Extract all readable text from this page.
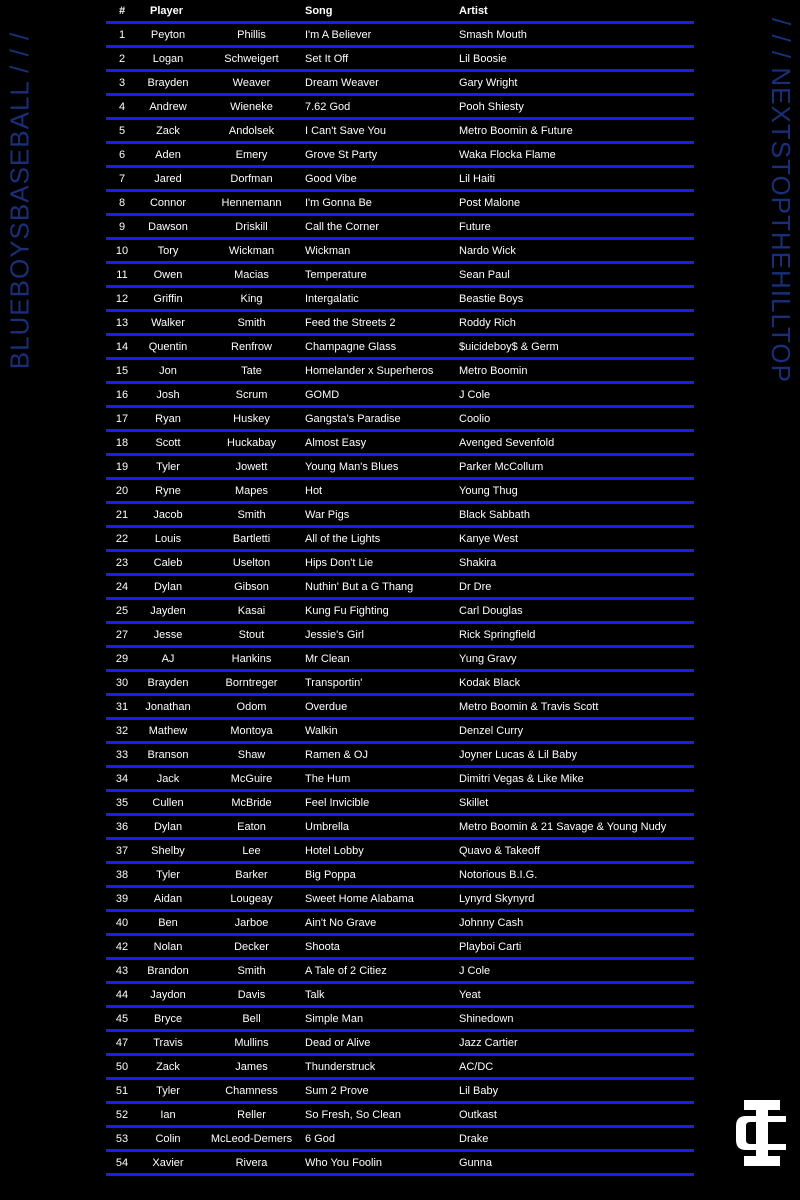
BLUEBOYSBASEBALL / / /	/ / / NEXTSTOPTHEHILLTOP
#	Player	Song	Artist
1	Peyton	Phillis	I'm A Believer	Smash Mouth
2	Logan	Schweigert	Set It Off	Lil Boosie
3	Brayden	Weaver	Dream Weaver	Gary Wright
4	Andrew	Wieneke	7.62 God	Pooh Shiesty
5	Zack	Andolsek	I Can't Save You	Metro Boomin & Future
6	Aden	Emery	Grove St Party	Waka Flocka Flame
7	Jared	Dorfman	Good Vibe	Lil Haiti
8	Connor	Hennemann	I'm Gonna Be	Post Malone
9	Dawson	Driskill	Call the Corner	Future
10	Tory	Wickman	Wickman	Nardo Wick
11	Owen	Macias	Temperature	Sean Paul
12	Griffin	King	Intergalatic	Beastie Boys
13	Walker	Smith	Feed the Streets 2	Roddy Rich
14	Quentin	Renfrow	Champagne Glass	$uicideboy$ & Germ
15	Jon	Tate	Homelander x Superheros	Metro Boomin
16	Josh	Scrum	GOMD	J Cole
17	Ryan	Huskey	Gangsta's Paradise	Coolio
18	Scott	Huckabay	Almost Easy	Avenged Sevenfold
19	Tyler	Jowett	Young Man's Blues	Parker McCollum
20	Ryne	Mapes	Hot	Young Thug
21	Jacob	Smith	War Pigs	Black Sabbath
22	Louis	Bartletti	All of the Lights	Kanye West
23	Caleb	Uselton	Hips Don't Lie	Shakira
24	Dylan	Gibson	Nuthin' But a G Thang	Dr Dre
25	Jayden	Kasai	Kung Fu Fighting	Carl Douglas
27	Jesse	Stout	Jessie's Girl	Rick Springfield
29	AJ	Hankins	Mr Clean	Yung Gravy
30	Brayden	Borntreger	Transportin'	Kodak Black
31	Jonathan	Odom	Overdue	Metro Boomin & Travis Scott
32	Mathew	Montoya	Walkin	Denzel Curry
33	Branson	Shaw	Ramen & OJ	Joyner Lucas & Lil Baby
34	Jack	McGuire	The Hum	Dimitri Vegas & Like Mike
35	Cullen	McBride	Feel Invicible	Skillet
36	Dylan	Eaton	Umbrella	Metro Boomin & 21 Savage & Young Nudy
37	Shelby	Lee	Hotel Lobby	Quavo & Takeoff
38	Tyler	Barker	Big Poppa	Notorious B.I.G.
39	Aidan	Lougeay	Sweet Home Alabama	Lynyrd Skynyrd
40	Ben	Jarboe	Ain't No Grave	Johnny Cash
42	Nolan	Decker	Shoota	Playboi Carti
43	Brandon	Smith	A Tale of 2 Citiez	J Cole
44	Jaydon	Davis	Talk	Yeat
45	Bryce	Bell	Simple Man	Shinedown
47	Travis	Mullins	Dead or Alive	Jazz Cartier
50	Zack	James	Thunderstruck	AC/DC
51	Tyler	Chamness	Sum 2 Prove	Lil Baby
52	Ian	Reller	So Fresh, So Clean	Outkast
53	Colin	McLeod-Demers	6 God	Drake
54	Xavier	Rivera	Who You Foolin	Gunna
